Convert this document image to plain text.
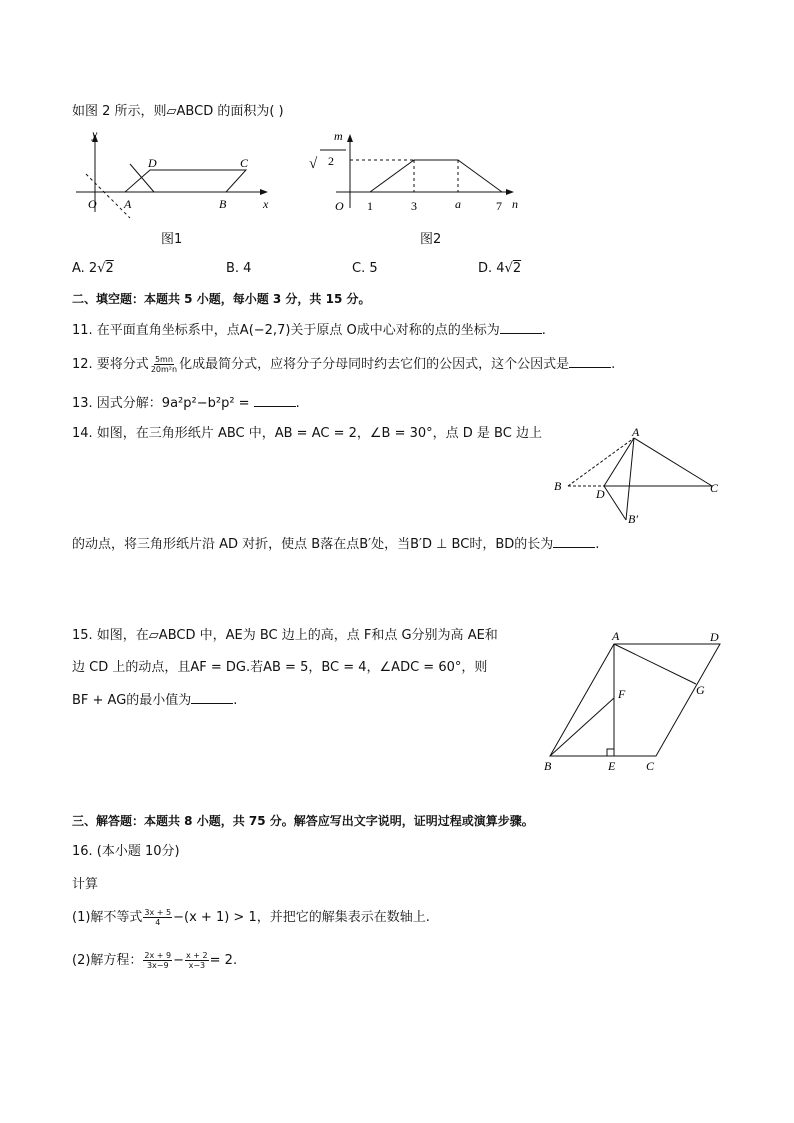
如图 2 所示，则▱ABCD 的面积为( )
y
x
O A	B
C
D
图1
m
n
O
√ 2
1	3	a	7
图2
A. 2√2	B. 4	C. 5	D. 4√2
二、填空题：本题共 5 小题，每小题 3 分，共 15 分。
11. 在平面直角坐标系中，点A(−2,7)关于原点 O成中心对称的点的坐标为	.
12. 要将分式 $\frac{5mn}{\text{20m²n}}$ 化成最简分式，应将分子分母同时约去它们的公因式，这个公因式是	.
13. 因式分解：9a²p²−b²p² =	.
14. 如图，在三角形纸片 ABC 中，AB = AC = 2，∠B = 30°，点 D 是 BC 边上	A
B	C
D
B′
的动点，将三角形纸片沿 AD 对折，使点 B落在点B′处，当B′D ⊥ BC时，BD的长为	.
15. 如图，在▱ABCD 中，AE为 BC 边上的高，点 F和点 G分别为高 AE和
边 CD 上的动点，且AF = DG.若AB = 5，BC = 4，∠ADC = 60°，则
BF + AG的最小值为	.
A	D
B	E	C
F	G
三、解答题：本题共 8 小题，共 75 分。解答应写出文字说明，证明过程或演算步骤。
16. (本小题 10分)
计算
(1)解不等式 $\frac{3x + 5}{4} -(x + 1) > 1$，并把它的解集表示在数轴上.
(2)解方程： $\frac{2x + 9}{3x-9} - \frac{x + 2}{x-3} = 2$.
